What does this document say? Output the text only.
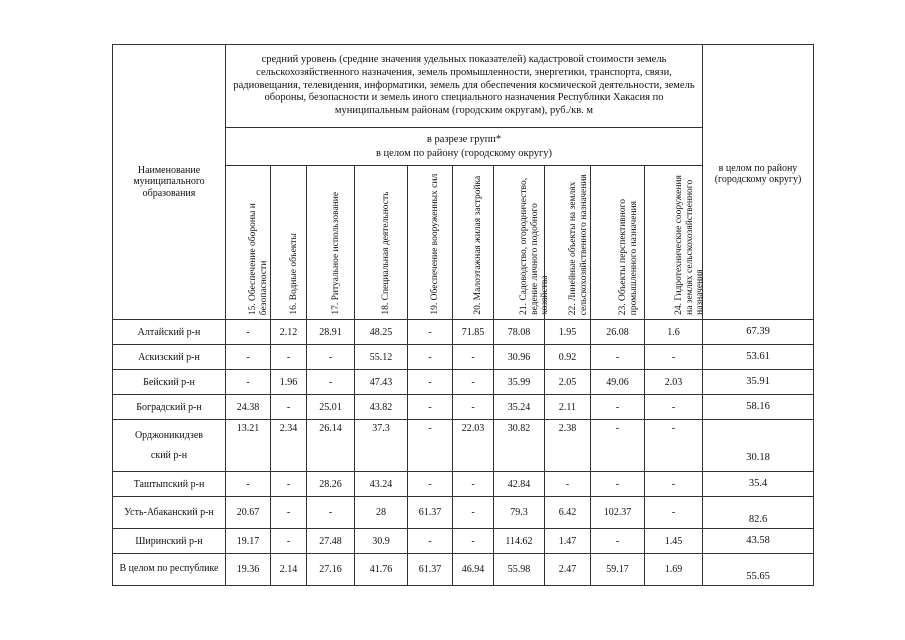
Наименование муниципального образования	средний уровень (средние значения удельных показателей) кадастровой стоимости земель сельскохозяйственного назначения, земель промышленности, энергетики, транспорта, связи, радиовещания, телевидения, информатики, земель для обеспечения космической деятельности, земель обороны, безопасности и земель иного специального назначения Республики Хакасия по муниципальным районам (городским округам), руб./кв. м										в целом по району (городскому округу)

	в разрезе групп*
в целом по району (городскому округу)										

	15. Обеспечение обороны и безопасности	16. Водные объекты	17. Ритуальное использование	18. Специальная деятельность	19. Обеспечение вооруженных сил	20. Малоэтажная жилая застройка	21. Садоводство, огородничество, ведение личного подобного хозяйства	22. Линейные объекты на землях сельскохозяйственного назначения	23. Объекты перспективного промышленного назначения	24. Гидротехнические сооружения на землях сельскохозяйственного назначения	

Алтайский р-н	-	2.12	28.91	48.25	-	71.85	78.08	1.95	26.08	1.6	67.39
Аскизский р-н	-	-	-	55.12	-	-	30.96	0.92	-	-	53.61
Бейский р-н	-	1.96	-	47.43	-	-	35.99	2.05	49.06	2.03	35.91
Боградский р-н	24.38	-	25.01	43.82	-	-	35.24	2.11	-	-	58.16

Орджоникидзев
ский р-н	13.21	2.34	26.14	37.3	-	22.03	30.82	2.38	-	-	30.18
Таштыпский р-н	-	-	28.26	43.24	-	-	42.84	-	-	-	35.4
Усть-Абаканский р-н	20.67	-	-	28	61.37	-	79.3	6.42	102.37	-	82.6
Ширинский р-н	19.17	-	27.48	30.9	-	-	114.62	1.47	-	1.45	43.58
В целом по республике	19.36	2.14	27.16	41.76	61.37	46.94	55.98	2.47	59.17	1.69	55.65
